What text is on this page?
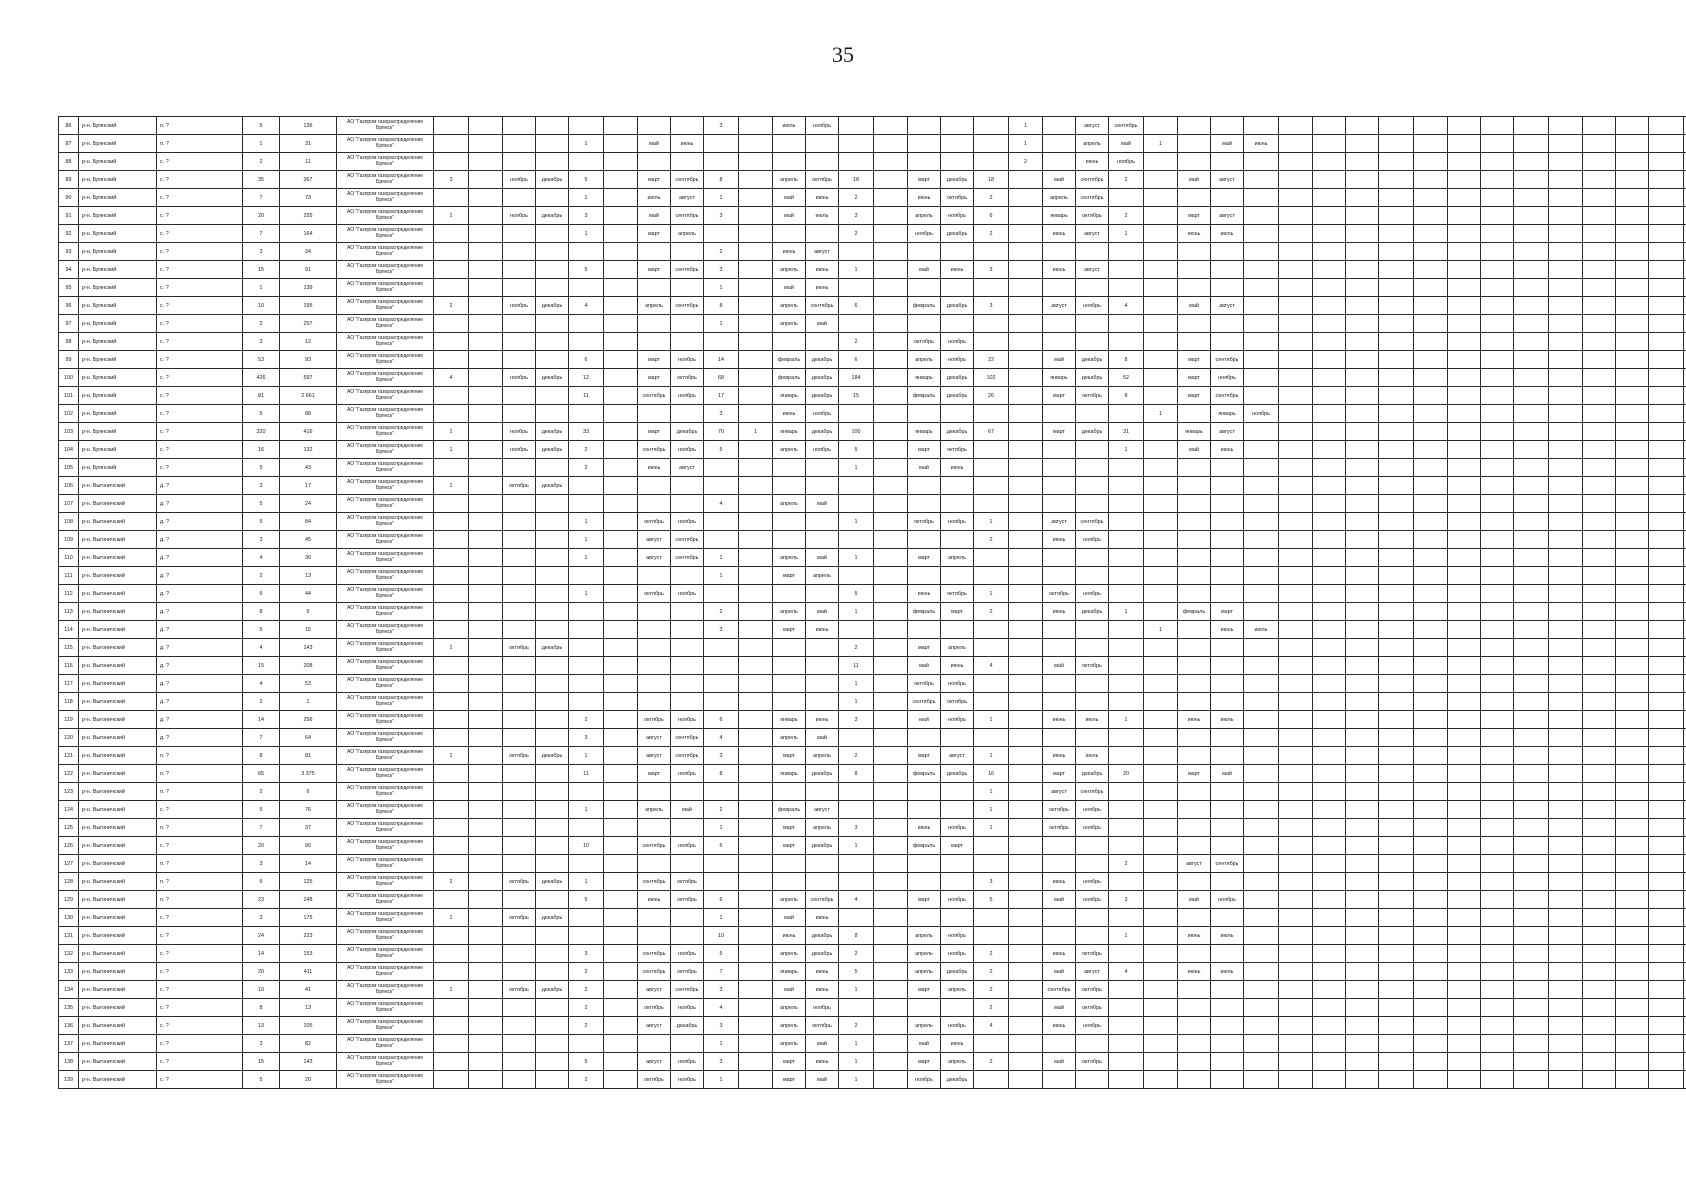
35
86	р-н. Брянский	п. ?	5	136	АО "Газпром газораспределение Брянск"									3		июль	ноябрь						1		август	сентябрь																			
87	р-н. Брянский	п. ?	1	31	АО "Газпром газораспределение Брянск"					1		май	июнь										1		апрель	май	1		май	июнь															
88	р-н. Брянский	с. ?	2	11	АО "Газпром газораспределение Брянск"																		2		июнь	ноябрь																			
89	р-н. Брянский	с. ?	35	367	АО "Газпром газораспределение Брянск"	3		ноябрь	декабрь	5		март	сентябрь	8		апрель	октябрь	18		март	декабрь	18		май	сентябрь	2		май	август																
90	р-н. Брянский	с. ?	7	73	АО "Газпром газораспределение Брянск"					1		июль	август	1		май	июнь	2		июнь	октябрь	2		апрель	сентябрь																				
91	р-н. Брянский	с. ?	20	255	АО "Газпром газораспределение Брянск"	1		ноябрь	декабрь	3		май	сентябрь	3		май	июль	3		апрель	ноябрь	6		январь	октябрь	2		март	август																
92	р-н. Брянский	с. ?	7	164	АО "Газпром газораспределение Брянск"					1		март	апрель					2		ноябрь	декабрь	2		июнь	август	1		июнь	июль																
93	р-н. Брянский	с. ?	3	34	АО "Газпром газораспределение Брянск"									2		июнь	август																												
94	р-н. Брянский	с. ?	15	91	АО "Газпром газораспределение Брянск"					5		март	сентябрь	3		апрель	июнь	1		май	июнь	3		июнь	август																				
95	р-н. Брянский	с. ?	1	139	АО "Газпром газораспределение Брянск"									1		май	июнь																												
96	р-н. Брянский	с. ?	10	195	АО "Газпром газораспределение Брянск"	2		ноябрь	декабрь	4		апрель	сентябрь	8		апрель	сентябрь	6		февраль	декабрь	3		август	ноябрь	4		май	август																
97	р-н. Брянский	с. ?	2	257	АО "Газпром газораспределение Брянск"									1		апрель	май																												
98	р-н. Брянский	с. ?	3	12	АО "Газпром газораспределение Брянск"													2		октябрь	ноябрь																								
99	р-н. Брянский	с. ?	53	93	АО "Газпром газораспределение Брянск"					6		март	ноябрь	14		февраль	декабрь	6		апрель	ноябрь	22		май	декабрь	8		март	сентябрь																
100	р-н. Брянский	с. ?	426	597	АО "Газпром газораспределение Брянск"	4		ноябрь	декабрь	12		март	октябрь	68		февраль	декабрь	184		январь	декабрь	102		январь	декабрь	52		март	ноябрь																
101	р-н. Брянский	с. ?	81	2 661	АО "Газпром газораспределение Брянск"					11		сентябрь	ноябрь	17		январь	декабрь	15		февраль	декабрь	26		март	октябрь	8		март	сентябрь																
102	р-н. Брянский	с. ?	5	88	АО "Газпром газораспределение Брянск"									3		июнь	ноябрь										1		январь	ноябрь															
103	р-н. Брянский	с. ?	320	416	АО "Газпром газораспределение Брянск"	1		ноябрь	декабрь	33		март	декабрь	70	1	январь	декабрь	100		январь	декабрь	67		март	декабрь	31		январь	август																
104	р-н. Брянский	с. ?	16	132	АО "Газпром газораспределение Брянск"	1		ноябрь	декабрь	2		сентябрь	ноябрь	5		апрель	ноябрь	5		март	октябрь					1		май	июнь																
105	р-н. Брянский	с. ?	5	43	АО "Газпром газораспределение Брянск"					2		июнь	август					1		май	июнь																								
106	р-н. Выгоничский	д. ?	3	17	АО "Газпром газораспределение Брянск"	1		октябрь	декабрь																																				
107	р-н. Выгоничский	д. ?	5	24	АО "Газпром газораспределение Брянск"									4		апрель	май																												
108	р-н. Выгоничский	д. ?	5	84	АО "Газпром газораспределение Брянск"					1		октябрь	ноябрь					1		октябрь	ноябрь	1		август	сентябрь																				
109	р-н. Выгоничский	д. ?	3	45	АО "Газпром газораспределение Брянск"					1		август	сентябрь									2		июнь	ноябрь																				
110	р-н. Выгоничский	д. ?	4	30	АО "Газпром газораспределение Брянск"					1		август	сентябрь	1		апрель	май	1		март	апрель																								
111	р-н. Выгоничский	д. ?	2	13	АО "Газпром газораспределение Брянск"									1		март	апрель																												
112	р-н. Выгоничский	д. ?	6	44	АО "Газпром газораспределение Брянск"					1		октябрь	ноябрь					5		июнь	октябрь	1		октябрь	ноябрь																				
113	р-н. Выгоничский	д. ?	8	6	АО "Газпром газораспределение Брянск"									2		апрель	май	1		февраль	март	2		июнь	декабрь	1		февраль	март																
114	р-н. Выгоничский	д. ?	5	15	АО "Газпром газораспределение Брянск"									3		март	июнь										1		июнь	июль															
115	р-н. Выгоничский	д. ?	4	143	АО "Газпром газораспределение Брянск"	1		октябрь	декабрь									2		март	апрель																								
116	р-н. Выгоничский	д. ?	15	208	АО "Газпром газораспределение Брянск"													11		май	июнь	4		май	октябрь																				
117	р-н. Выгоничский	д. ?	4	53	АО "Газпром газораспределение Брянск"													1		октябрь	ноябрь																								
118	р-н. Выгоничский	д. ?	2	1	АО "Газпром газораспределение Брянск"													1		сентябрь	октябрь																								
119	р-н. Выгоничский	д. ?	14	256	АО "Газпром газораспределение Брянск"					2		октябрь	ноябрь	6		январь	июнь	3		май	ноябрь	1		июнь	июль	1		июнь	июль																
120	р-н. Выгоничский	д. ?	7	64	АО "Газпром газораспределение Брянск"					3		август	сентябрь	4		апрель	май																												
121	р-н. Выгоничский	п. ?	8	81	АО "Газпром газораспределение Брянск"	1		октябрь	декабрь	1		август	сентябрь	3		март	апрель	2		март	август	1		июнь	июль																				
122	р-н. Выгоничский	п. ?	65	3 375	АО "Газпром газораспределение Брянск"					11		март	ноябрь	8		январь	декабрь	8		февраль	декабрь	16		март	декабрь	20		март	май																
123	р-н. Выгоничский	п. ?	2	6	АО "Газпром газораспределение Брянск"																	1		август	сентябрь																				
124	р-н. Выгоничский	с. ?	5	76	АО "Газпром газораспределение Брянск"					1		апрель	май	2		февраль	август					1		октябрь	ноябрь																				
125	р-н. Выгоничский	п. ?	7	37	АО "Газпром газораспределение Брянск"									1		март	апрель	3		июнь	ноябрь	1		октябрь	ноябрь																				
126	р-н. Выгоничский	с. ?	20	90	АО "Газпром газораспределение Брянск"					10		сентябрь	ноябрь	6		март	декабрь	1		февраль	март																								
127	р-н. Выгоничский	п. ?	3	14	АО "Газпром газораспределение Брянск"																					2		август	сентябрь																
128	р-н. Выгоничский	п. ?	6	125	АО "Газпром газораспределение Брянск"	2		октябрь	декабрь	1		сентябрь	октябрь									3		июнь	ноябрь																				
129	р-н. Выгоничский	п. ?	23	248	АО "Газпром газораспределение Брянск"					5		июнь	октябрь	6		апрель	сентябрь	4		март	ноябрь	5		май	ноябрь	3		май	ноябрь																
130	р-н. Выгоничский	с. ?	3	175	АО "Газпром газораспределение Брянск"	1		октябрь	декабрь					1		май	июнь																												
131	р-н. Выгоничский	с. ?	24	223	АО "Газпром газораспределение Брянск"									10		июнь	декабрь	8		апрель	ноябрь					1		июнь	июль																
132	р-н. Выгоничский	с. ?	14	153	АО "Газпром газораспределение Брянск"					3		сентябрь	ноябрь	5		апрель	декабрь	2		апрель	ноябрь	2		июнь	октябрь																				
133	р-н. Выгоничский	с. ?	20	411	АО "Газпром газораспределение Брянск"					2		сентябрь	октябрь	7		январь	июнь	5		апрель	декабрь	2		май	август	4		июнь	июль																
134	р-н. Выгоничский	с. ?	10	41	АО "Газпром газораспределение Брянск"	1		октябрь	декабрь	2		август	сентябрь	3		май	июнь	1		март	апрель	2		сентябрь	октябрь																				
135	р-н. Выгоничский	с. ?	8	13	АО "Газпром газораспределение Брянск"					2		октябрь	ноябрь	4		апрель	ноябрь					2		май	октябрь																				
136	р-н. Выгоничский	с. ?	13	105	АО "Газпром газораспределение Брянск"					2		август	декабрь	3		апрель	октябрь	2		апрель	ноябрь	4		июнь	ноябрь																				
137	р-н. Выгоничский	с. ?	3	82	АО "Газпром газораспределение Брянск"									1		апрель	май	1		май	июнь																								
138	р-н. Выгоничский	с. ?	15	143	АО "Газпром газораспределение Брянск"					5		август	ноябрь	3		март	июнь	1		март	апрель	2		май	октябрь																				
139	р-н. Выгоничский	с. ?	5	20	АО "Газпром газораспределение Брянск"					2		октябрь	ноябрь	1		март	май	1		ноябрь	декабрь																								
